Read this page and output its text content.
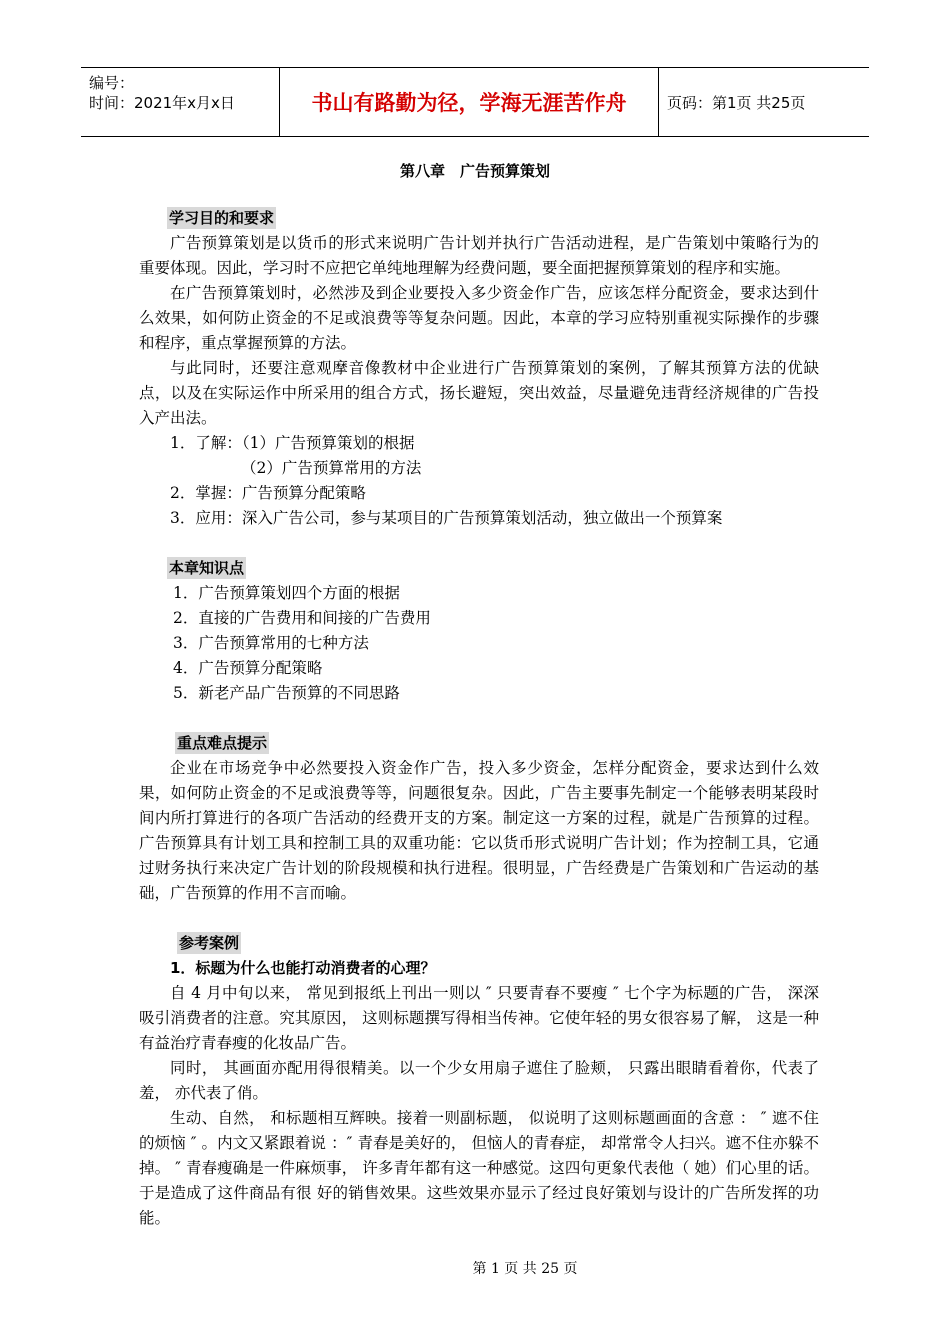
编号：
时间：2021年x月x日	书山有路勤为径，学海无涯苦作舟	页码：第1页 共25页
第八章　广告预算策划
学习目的和要求

广告预算策划是以货币的形式来说明广告计划并执行广告活动进程，是广告策划中策略行为的重要体现。因此，学习时不应把它单纯地理解为经费问题，要全面把握预算策划的程序和实施。

在广告预算策划时，必然涉及到企业要投入多少资金作广告，应该怎样分配资金，要求达到什么效果，如何防止资金的不足或浪费等等复杂问题。因此，本章的学习应特别重视实际操作的步骤和程序，重点掌握预算的方法。

与此同时，还要注意观摩音像教材中企业进行广告预算策划的案例，了解其预算方法的优缺点，以及在实际运作中所采用的组合方式，扬长避短，突出效益，尽量避免违背经济规律的广告投入产出法。

1．了解：（1）广告预算策划的根据

（2）广告预算常用的方法

2．掌握：广告预算分配策略

3．应用：深入广告公司，参与某项目的广告预算策划活动，独立做出一个预算案

本章知识点

1．广告预算策划四个方面的根据

2．直接的广告费用和间接的广告费用

3．广告预算常用的七种方法

4．广告预算分配策略

5．新老产品广告预算的不同思路

重点难点提示

企业在市场竞争中必然要投入资金作广告，投入多少资金，怎样分配资金，要求达到什么效果，如何防止资金的不足或浪费等等，问题很复杂。因此，广告主要事先制定一个能够表明某段时间内所打算进行的各项广告活动的经费开支的方案。制定这一方案的过程，就是广告预算的过程。广告预算具有计划工具和控制工具的双重功能：它以货币形式说明广告计划；作为控制工具，它通过财务执行来决定广告计划的阶段规模和执行进程。很明显，广告经费是广告策划和广告运动的基础，广告预算的作用不言而喻。

参考案例

1．标题为什么也能打动消费者的心理？

自 4 月中旬以来， 常见到报纸上刊出一则以 ″ 只要青春不要瘦 ″ 七个字为标题的广告， 深深吸引消费者的注意。究其原因， 这则标题撰写得相当传神。它使年轻的男女很容易了解， 这是一种有益治疗青春瘦的化妆品广告。

同时， 其画面亦配用得很精美。以一个少女用扇子遮住了脸颊， 只露出眼睛看着你，代表了羞， 亦代表了俏。

生动、自然， 和标题相互辉映。接着一则副标题， 似说明了这则标题画面的含意 ： ″ 遮不住的烦恼 ″ 。内文又紧跟着说 ：″ 青春是美好的， 但恼人的青春症， 却常常令人扫兴。遮不住亦躲不掉。 ″ 青春瘦确是一件麻烦事， 许多青年都有这一种感觉。这四句更象代表他（ 她）们心里的话。于是造成了这件商品有很 好的销售效果。这些效果亦显示了经过良好策划与设计的广告所发挥的功能。

第 1 页 共 25 页
